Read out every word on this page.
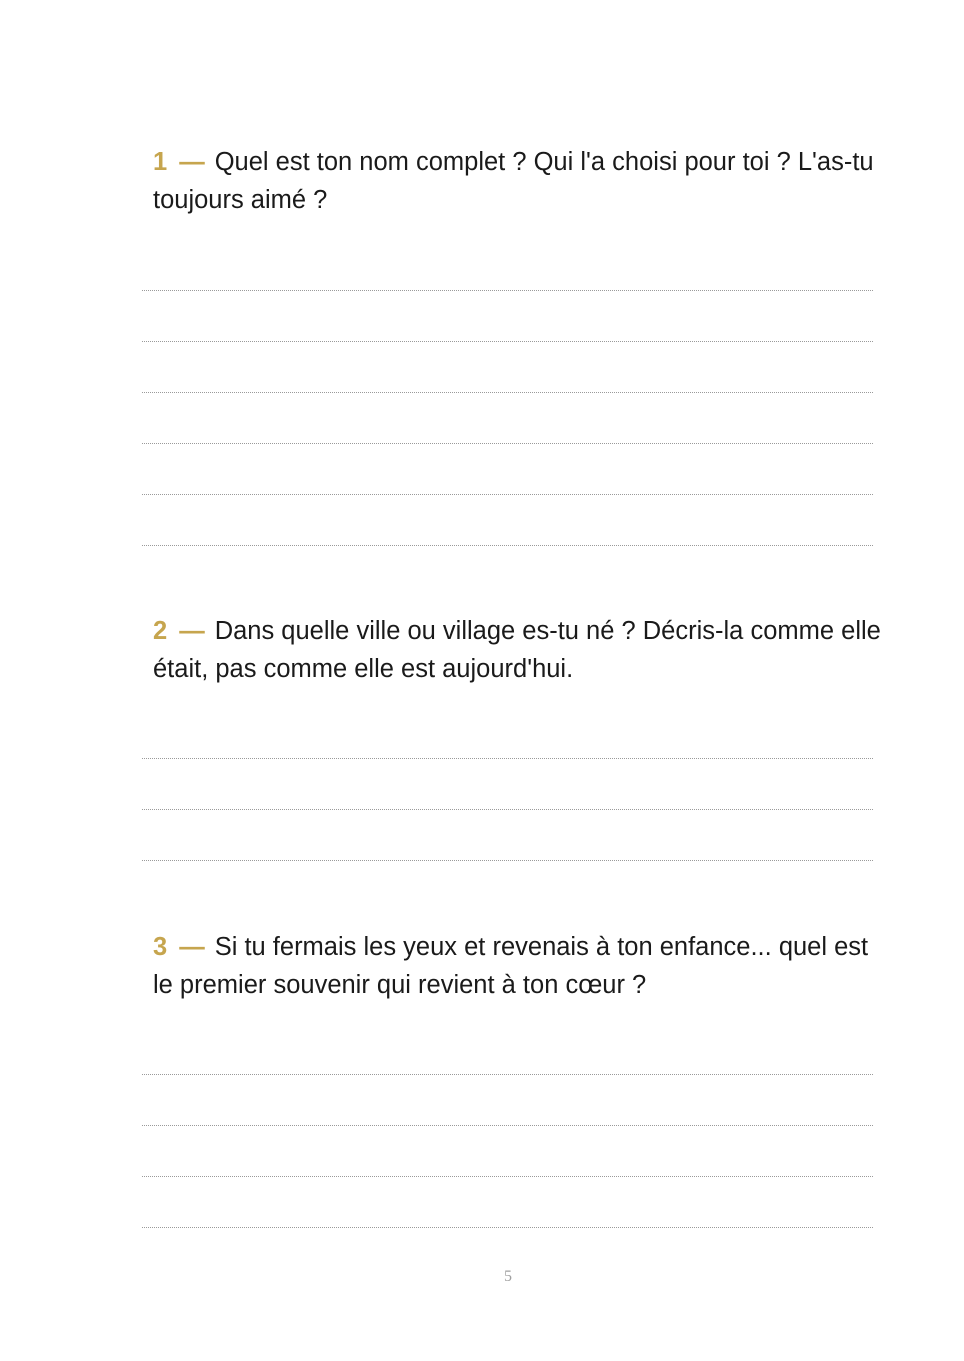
1 — Quel est ton nom complet ? Qui l'a choisi pour toi ? L'as-tu toujours aimé ?

2 — Dans quelle ville ou village es-tu né ? Décris-la comme elle était, pas comme elle est aujourd'hui.

3 — Si tu fermais les yeux et revenais à ton enfance... quel est le premier souvenir qui revient à ton cœur ?

5
